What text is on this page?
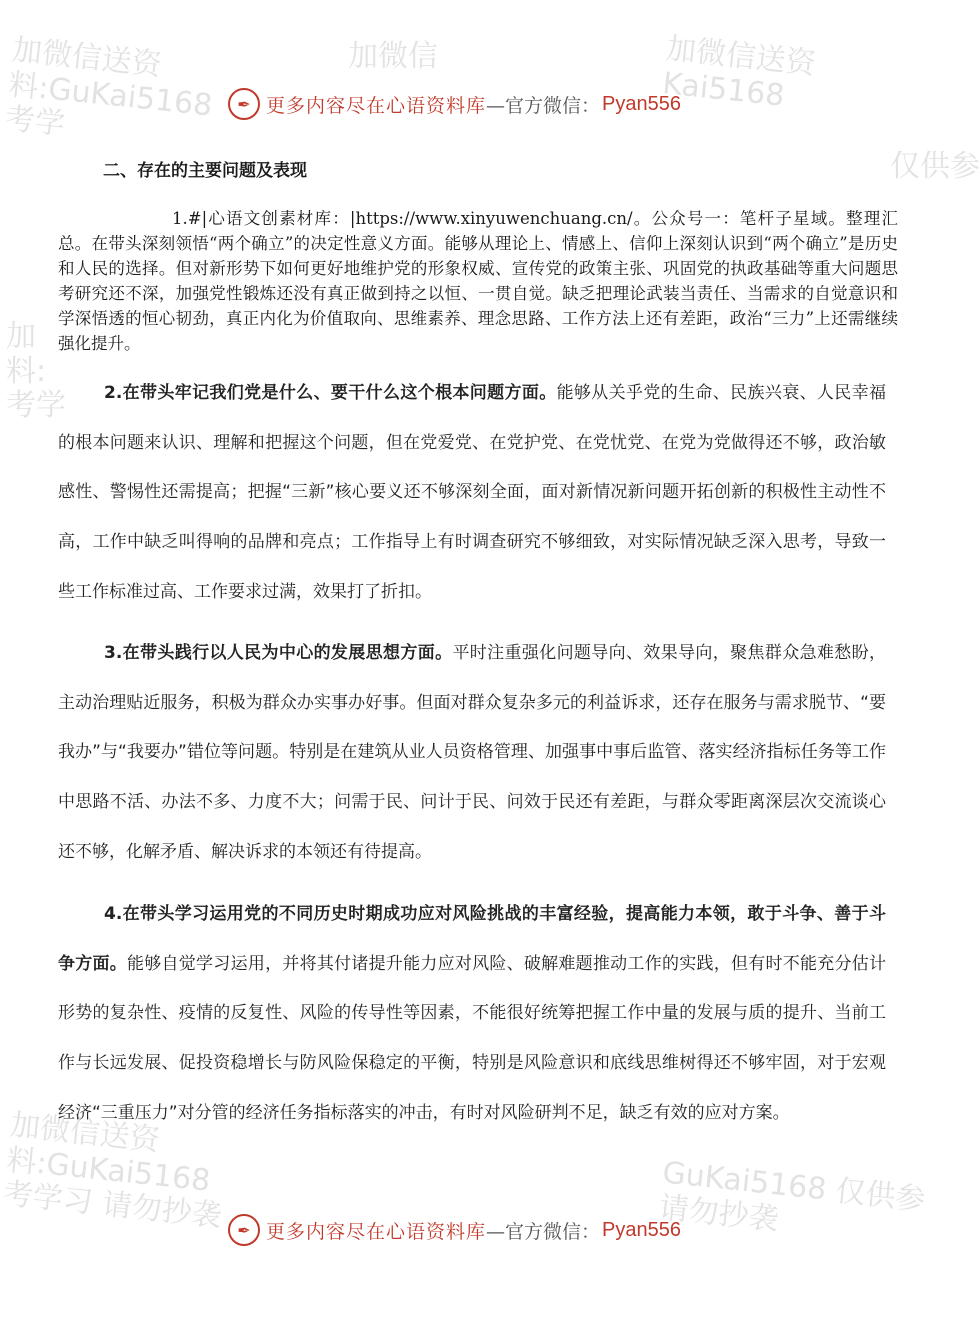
加微信送资
料:GuKai5168
考学
加微信	加微信送资
Kai5168
仅供参
加
料:
考学
加微信送资
料:GuKai5168
考学习 请勿抄袭	GuKai5168 仅供参
请勿抄袭
✒ 更多内容尽在心语资料库 —官方微信： Pyan556
二、存在的主要问题及表现
1.#|心语文创素材库：|https://www.xinyuwenchuang.cn/。公众号一：笔杆子星域。整理汇总。在带头深刻领悟“两个确立”的决定性意义方面。能够从理论上、情感上、信仰上深刻认识到“两个确立”是历史和人民的选择。但对新形势下如何更好地维护党的形象权威、宣传党的政策主张、巩固党的执政基础等重大问题思考研究还不深，加强党性锻炼还没有真正做到持之以恒、一贯自觉。缺乏把理论武装当责任、当需求的自觉意识和学深悟透的恒心韧劲，真正内化为价值取向、思维素养、理念思路、工作方法上还有差距，政治“三力”上还需继续强化提升。
2.在带头牢记我们党是什么、要干什么这个根本问题方面。能够从关乎党的生命、民族兴衰、人民幸福的根本问题来认识、理解和把握这个问题，但在党爱党、在党护党、在党忧党、在党为党做得还不够，政治敏感性、警惕性还需提高；把握“三新”核心要义还不够深刻全面，面对新情况新问题开拓创新的积极性主动性不高，工作中缺乏叫得响的品牌和亮点；工作指导上有时调查研究不够细致，对实际情况缺乏深入思考，导致一些工作标准过高、工作要求过满，效果打了折扣。
3.在带头践行以人民为中心的发展思想方面。平时注重强化问题导向、效果导向，聚焦群众急难愁盼，主动治理贴近服务，积极为群众办实事办好事。但面对群众复杂多元的利益诉求，还存在服务与需求脱节、“要我办”与“我要办”错位等问题。特别是在建筑从业人员资格管理、加强事中事后监管、落实经济指标任务等工作中思路不活、办法不多、力度不大；问需于民、问计于民、问效于民还有差距，与群众零距离深层次交流谈心还不够，化解矛盾、解决诉求的本领还有待提高。
4.在带头学习运用党的不同历史时期成功应对风险挑战的丰富经验，提高能力本领，敢于斗争、善于斗争方面。能够自觉学习运用，并将其付诸提升能力应对风险、破解难题推动工作的实践，但有时不能充分估计形势的复杂性、疫情的反复性、风险的传导性等因素，不能很好统筹把握工作中量的发展与质的提升、当前工作与长远发展、促投资稳增长与防风险保稳定的平衡，特别是风险意识和底线思维树得还不够牢固，对于宏观经济“三重压力”对分管的经济任务指标落实的冲击，有时对风险研判不足，缺乏有效的应对方案。
✒ 更多内容尽在心语资料库 —官方微信： Pyan556
